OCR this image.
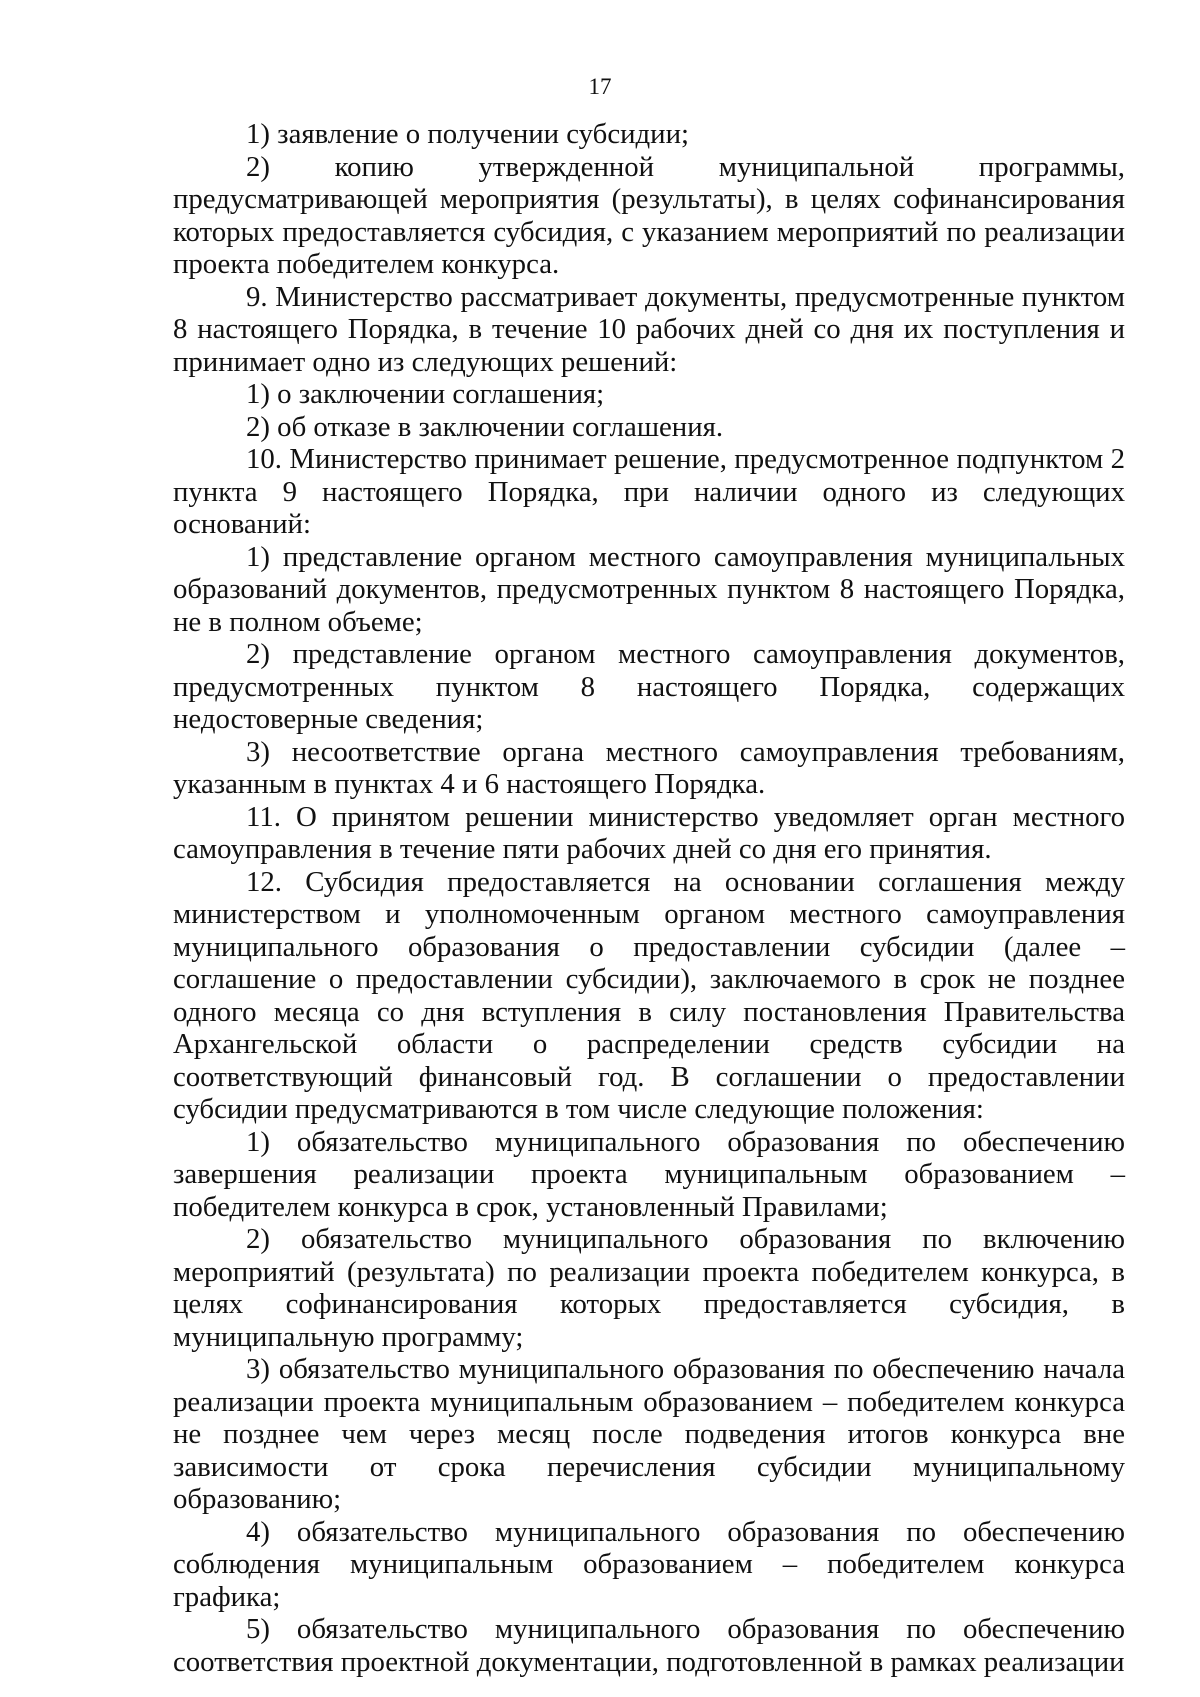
17

1) заявление о получении субсидии;

2) копию утвержденной муниципальной программы, предусматривающей мероприятия (результаты), в целях софинансирования которых предоставляется субсидия, с указанием мероприятий по реализации проекта победителем конкурса.

9. Министерство рассматривает документы, предусмотренные пунктом 8 настоящего Порядка, в течение 10 рабочих дней со дня их поступления и принимает одно из следующих решений:

1) о заключении соглашения;

2) об отказе в заключении соглашения.

10. Министерство принимает решение, предусмотренное подпунктом 2 пункта 9 настоящего Порядка, при наличии одного из следующих оснований:

1) представление органом местного самоуправления муниципальных образований документов, предусмотренных пунктом 8 настоящего Порядка, не в полном объеме;

2) представление органом местного самоуправления документов, предусмотренных пунктом 8 настоящего Порядка, содержащих недостоверные сведения;

3) несоответствие органа местного самоуправления требованиям, указанным в пунктах 4 и 6 настоящего Порядка.

11. О принятом решении министерство уведомляет орган местного самоуправления в течение пяти рабочих дней со дня его принятия.

12. Субсидия предоставляется на основании соглашения между министерством и уполномоченным органом местного самоуправления муниципального образования о предоставлении субсидии (далее – соглашение о предоставлении субсидии), заключаемого в срок не позднее одного месяца со дня вступления в силу постановления Правительства Архангельской области о распределении средств субсидии на соответствующий финансовый год. В соглашении о предоставлении субсидии предусматриваются в том числе следующие положения:

1) обязательство муниципального образования по обеспечению завершения реализации проекта муниципальным образованием – победителем конкурса в срок, установленный Правилами;

2) обязательство муниципального образования по включению мероприятий (результата) по реализации проекта победителем конкурса, в целях софинансирования которых предоставляется субсидия, в муниципальную программу;

3) обязательство муниципального образования по обеспечению начала реализации проекта муниципальным образованием – победителем конкурса не позднее чем через месяц после подведения итогов конкурса вне зависимости от срока перечисления субсидии муниципальному образованию;

4) обязательство муниципального образования по обеспечению соблюдения муниципальным образованием – победителем конкурса графика;

5) обязательство муниципального образования по обеспечению соответствия проектной документации, подготовленной в рамках реализации
